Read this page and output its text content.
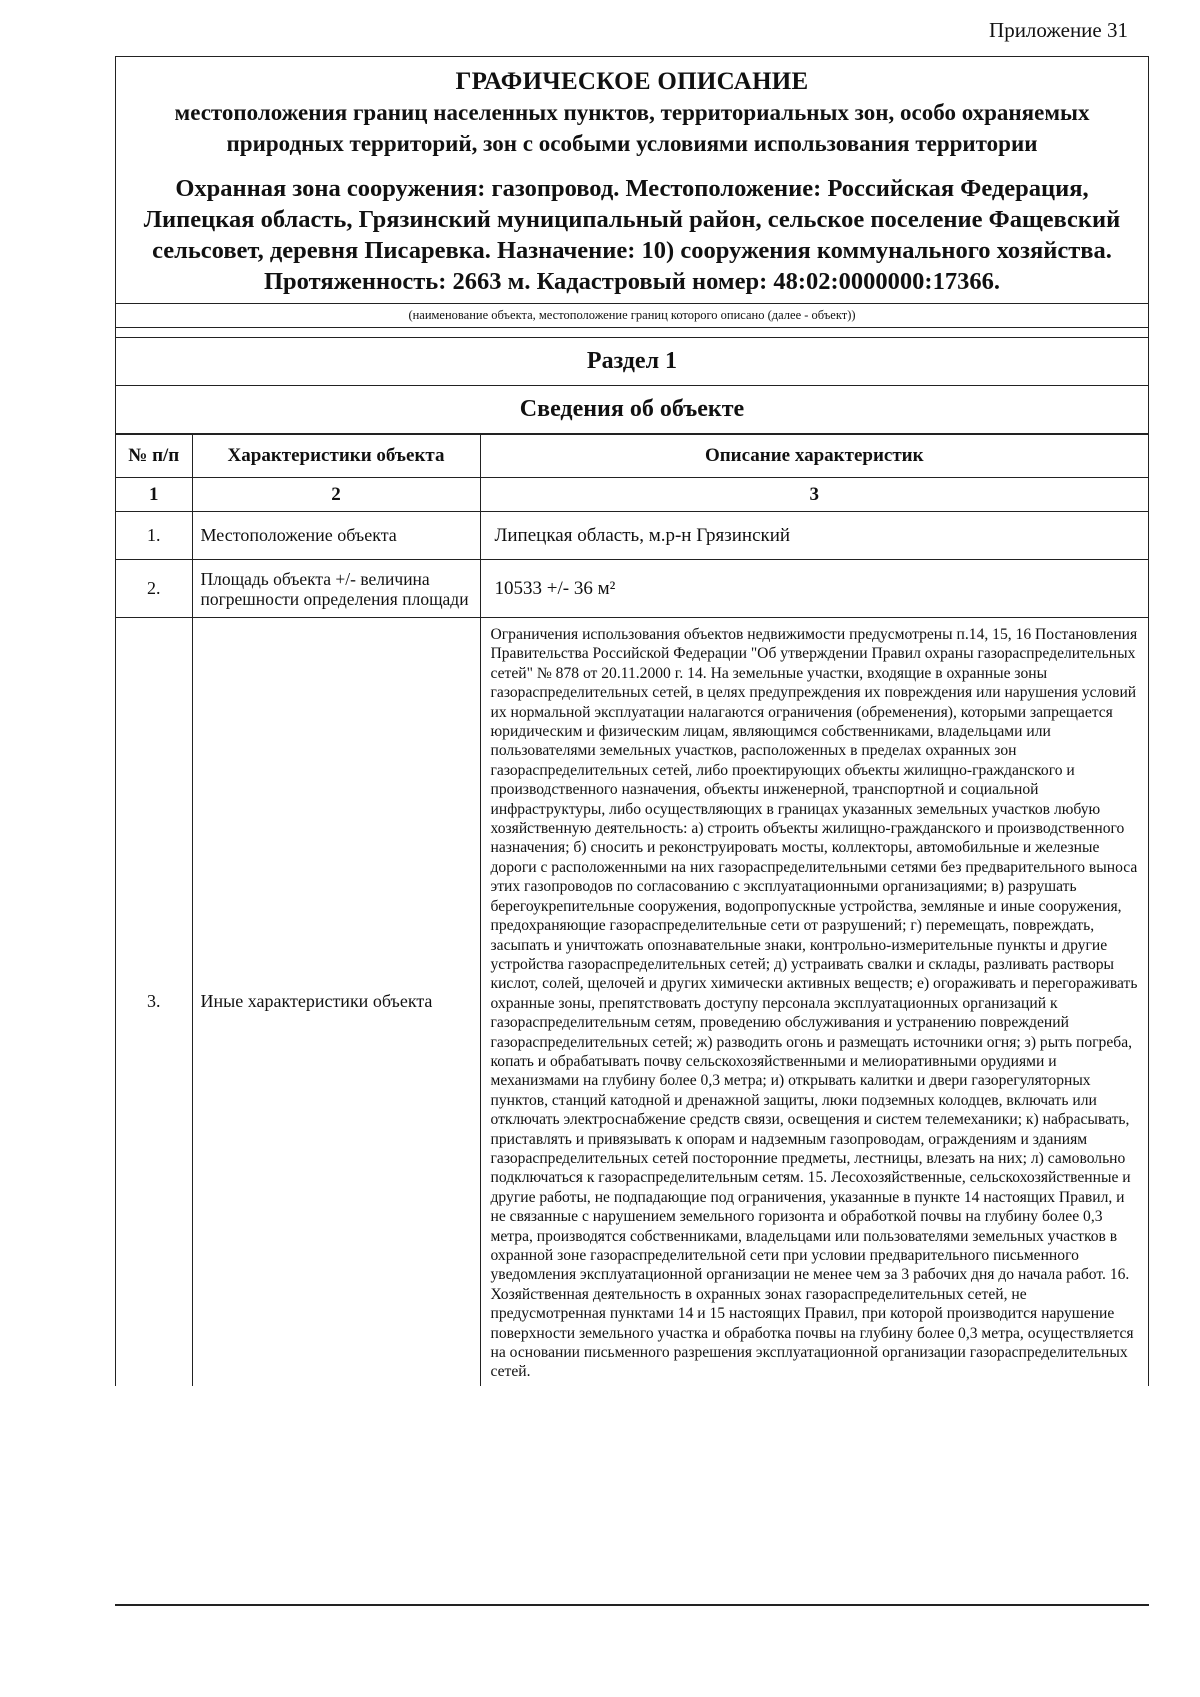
Приложение 31
ГРАФИЧЕСКОЕ ОПИСАНИЕ
местоположения границ населенных пунктов, территориальных зон, особо охраняемых природных территорий, зон с особыми условиями использования территории
Охранная зона сооружения: газопровод. Местоположение: Российская Федерация, Липецкая область, Грязинский муниципальный район, сельское поселение Фащевский сельсовет, деревня Писаревка. Назначение: 10) сооружения коммунального хозяйства. Протяженность: 2663 м. Кадастровый номер: 48:02:0000000:17366.
(наименование объекта, местоположение границ которого описано (далее - объект))
Раздел 1
Сведения об объекте
№ п/п	Характеристики объекта	Описание характеристик
1	2	3
1.	Местоположение объекта	Липецкая область, м.р-н Грязинский
2.	Площадь объекта +/- величина погрешности определения площади	10533 +/- 36 м²
3.	Иные характеристики объекта	Ограничения использования объектов недвижимости предусмотрены п.14, 15, 16 Постановления Правительства Российской Федерации "Об утверждении Правил охраны газораспределительных сетей" № 878 от 20.11.2000 г. 14. На земельные участки, входящие в охранные зоны газораспределительных сетей, в целях предупреждения их повреждения или нарушения условий их нормальной эксплуатации налагаются ограничения (обременения), которыми запрещается юридическим и физическим лицам, являющимся собственниками, владельцами или пользователями земельных участков, расположенных в пределах охранных зон газораспределительных сетей, либо проектирующих объекты жилищно-гражданского и производственного назначения, объекты инженерной, транспортной и социальной инфраструктуры, либо осуществляющих в границах указанных земельных участков любую хозяйственную деятельность: а) строить объекты жилищно-гражданского и производственного назначения; б) сносить и реконструировать мосты, коллекторы, автомобильные и железные дороги с расположенными на них газораспределительными сетями без предварительного выноса этих газопроводов по согласованию с эксплуатационными организациями; в) разрушать берегоукрепительные сооружения, водопропускные устройства, земляные и иные сооружения, предохраняющие газораспределительные сети от разрушений; г) перемещать, повреждать, засыпать и уничтожать опознавательные знаки, контрольно-измерительные пункты и другие устройства газораспределительных сетей; д) устраивать свалки и склады, разливать растворы кислот, солей, щелочей и других химически активных веществ; е) огораживать и перегораживать охранные зоны, препятствовать доступу персонала эксплуатационных организаций к газораспределительным сетям, проведению обслуживания и устранению повреждений газораспределительных сетей; ж) разводить огонь и размещать источники огня; з) рыть погреба, копать и обрабатывать почву сельскохозяйственными и мелиоративными орудиями и механизмами на глубину более 0,3 метра; и) открывать калитки и двери газорегуляторных пунктов, станций катодной и дренажной защиты, люки подземных колодцев, включать или отключать электроснабжение средств связи, освещения и систем телемеханики; к) набрасывать, приставлять и привязывать к опорам и надземным газопроводам, ограждениям и зданиям газораспределительных сетей посторонние предметы, лестницы, влезать на них; л) самовольно подключаться к газораспределительным сетям. 15. Лесохозяйственные, сельскохозяйственные и другие работы, не подпадающие под ограничения, указанные в пункте 14 настоящих Правил, и не связанные с нарушением земельного горизонта и обработкой почвы на глубину более 0,3 метра, производятся собственниками, владельцами или пользователями земельных участков в охранной зоне газораспределительной сети при условии предварительного письменного уведомления эксплуатационной организации не менее чем за 3 рабочих дня до начала работ. 16. Хозяйственная деятельность в охранных зонах газораспределительных сетей, не предусмотренная пунктами 14 и 15 настоящих Правил, при которой производится нарушение поверхности земельного участка и обработка почвы на глубину более 0,3 метра, осуществляется на основании письменного разрешения эксплуатационной организации газораспределительных сетей.
